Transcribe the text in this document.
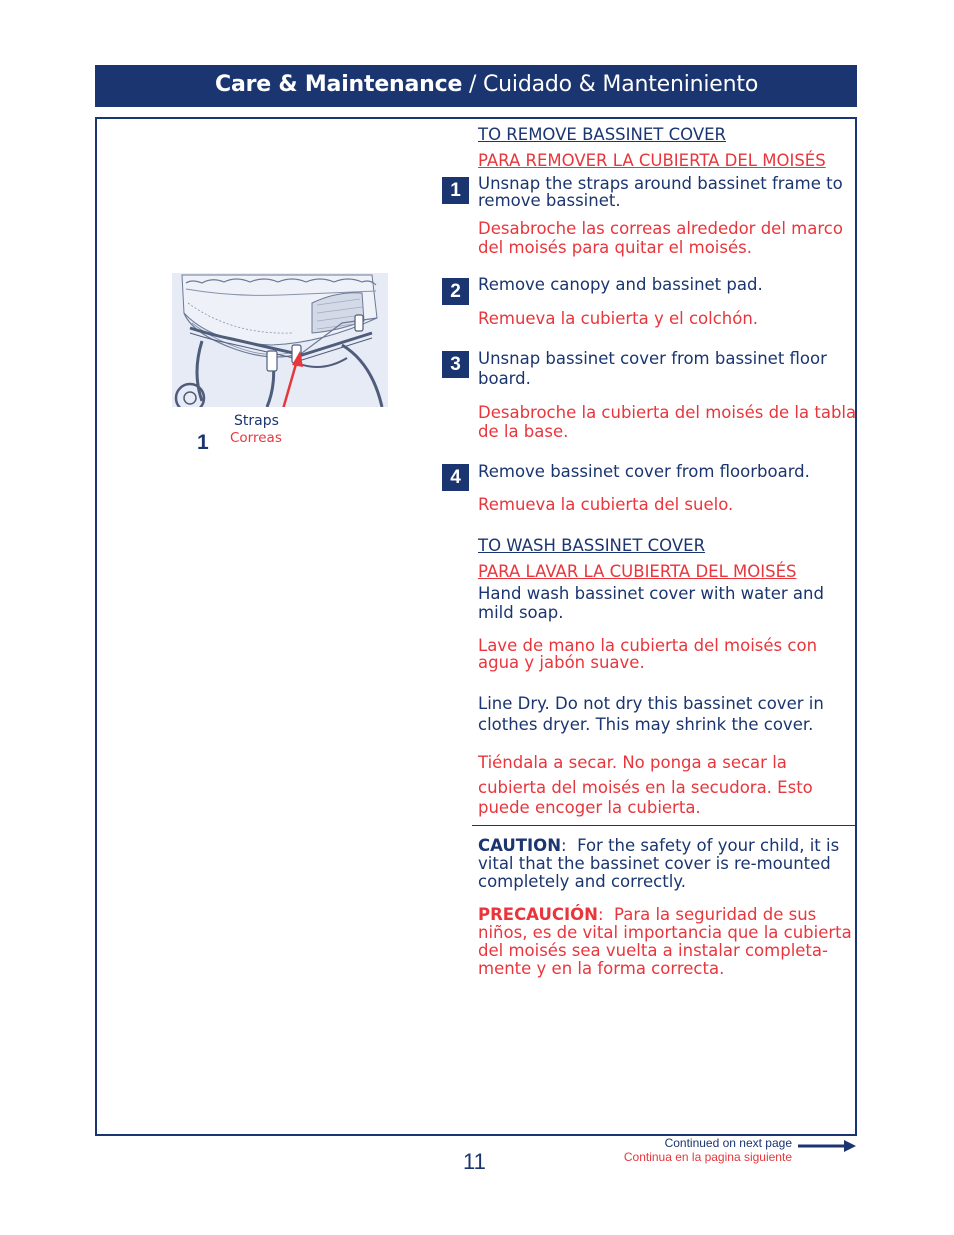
Care & Maintenance / Cuidado & Manteniniento
1
Straps
Correas
TO REMOVE BASSINET COVER
PARA REMOVER LA CUBIERTA DEL MOISÉS
1	Unsnap the straps around bassinet frame to
remove bassinet.
Desabroche las correas alrededor del marco
del moisés para quitar el moisés.
2	Remove canopy and bassinet pad.
Remueva la cubierta y el colchón.
3	Unsnap bassinet cover from bassinet floor
board.
Desabroche la cubierta del moisés de la tabla
de la base.
4	Remove bassinet cover from floorboard.
Remueva la cubierta del suelo.
TO WASH BASSINET COVER
PARA LAVAR LA CUBIERTA DEL MOISÉS
Hand wash bassinet cover with water and
mild soap.
Lave de mano la cubierta del moisés con
agua y jabón suave.
Line Dry. Do not dry this bassinet cover in
clothes dryer. This may shrink the cover.
Tiéndala a secar. No ponga a secar la
cubierta del moisés en la secudora. Esto
puede encoger la cubierta.
CAUTION:  For the safety of your child, it is
vital that the bassinet cover is re-mounted
completely and correctly.
PRECAUCIÓN:  Para la seguridad de sus
niños, es de vital importancia que la cubierta
del moisés sea vuelta a instalar completa-
mente y en la forma correcta.
11
Continued on next page
Continua en la pagina siguiente
